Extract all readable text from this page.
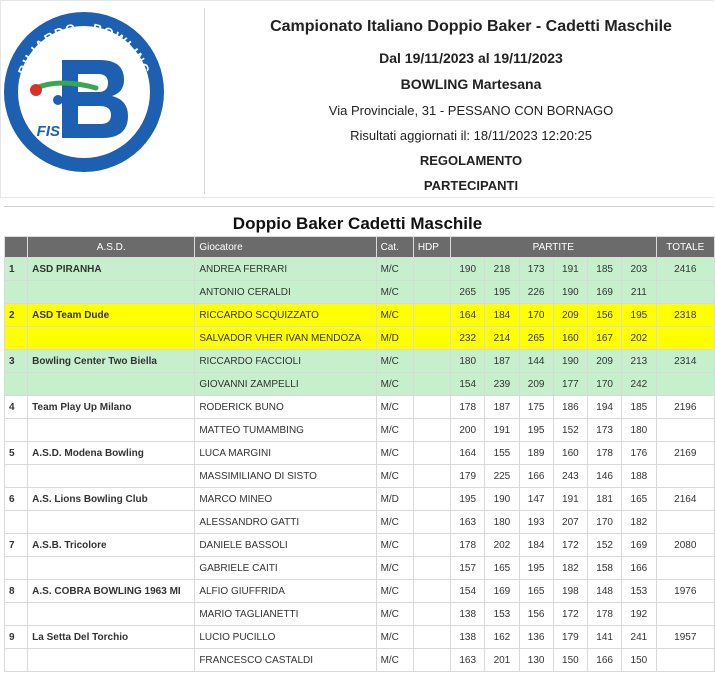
BILIARDO · BOWLING
FIS
Campionato Italiano Doppio Baker - Cadetti Maschile
Dal 19/11/2023 al 19/11/2023
BOWLING Martesana
Via Provinciale, 31 - PESSANO CON BORNAGO
Risultati aggiornati il: 18/11/2023 12:20:25
REGOLAMENTO
PARTECIPANTI
Doppio Baker Cadetti Maschile
	A.S.D.	Giocatore	Cat.	HDP	PARTITE						TOTALE
1	ASD PIRANHA	ANDREA FERRARI	M/C		190	218	173	191	185	203	2416
		ANTONIO CERALDI	M/C		265	195	226	190	169	211	
2	ASD Team Dude	RICCARDO SCQUIZZATO	M/C		164	184	170	209	156	195	2318
		SALVADOR VHER IVAN MENDOZA	M/D		232	214	265	160	167	202	
3	Bowling Center Two Biella	RICCARDO FACCIOLI	M/C		180	187	144	190	209	213	2314
		GIOVANNI ZAMPELLI	M/C		154	239	209	177	170	242	
4	Team Play Up Milano	RODERICK BUNO	M/C		178	187	175	186	194	185	2196
		MATTEO TUMAMBING	M/C		200	191	195	152	173	180	
5	A.S.D. Modena Bowling	LUCA MARGINI	M/C		164	155	189	160	178	176	2169
		MASSIMILIANO DI SISTO	M/C		179	225	166	243	146	188	
6	A.S. Lions Bowling Club	MARCO MINEO	M/D		195	190	147	191	181	165	2164
		ALESSANDRO GATTI	M/C		163	180	193	207	170	182	
7	A.S.B. Tricolore	DANIELE BASSOLI	M/C		178	202	184	172	152	169	2080
		GABRIELE CAITI	M/C		157	165	195	182	158	166	
8	A.S. COBRA BOWLING 1963 MI	ALFIO GIUFFRIDA	M/C		154	169	165	198	148	153	1976
		MARIO TAGLIANETTI	M/C		138	153	156	172	178	192	
9	La Setta Del Torchio	LUCIO PUCILLO	M/C		138	162	136	179	141	241	1957
		FRANCESCO CASTALDI	M/C		163	201	130	150	166	150	
